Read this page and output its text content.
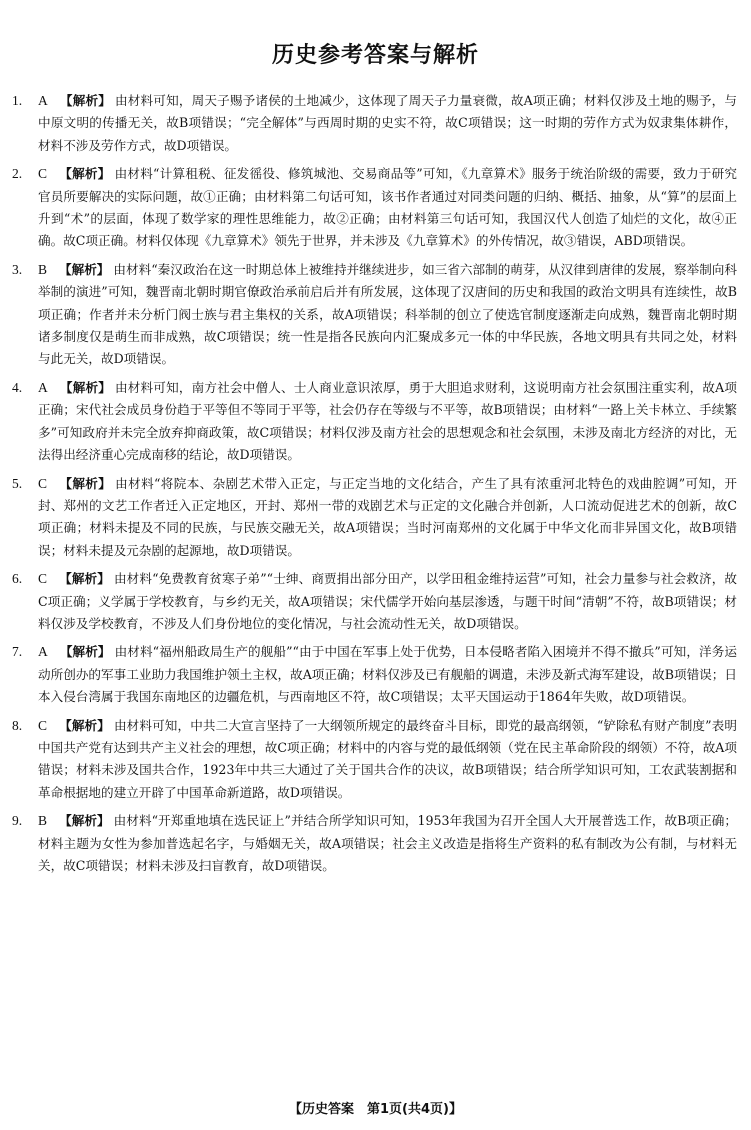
历史参考答案与解析
1. A 【解析】 由材料可知，周天子赐予诸侯的土地减少，这体现了周天子力量衰微，故A项正确；材料仅涉及土地的赐予，与中原文明的传播无关，故B项错误；“完全解体”与西周时期的史实不符，故C项错误；这一时期的劳作方式为奴隶集体耕作，材料不涉及劳作方式，故D项错误。
2. C 【解析】 由材料“计算租税、征发徭役、修筑城池、交易商品等”可知，《九章算术》服务于统治阶级的需要，致力于研究官员所要解决的实际问题，故①正确；由材料第二句话可知，该书作者通过对同类问题的归纳、概括、抽象，从“算”的层面上升到“术”的层面，体现了数学家的理性思维能力，故②正确；由材料第三句话可知，我国汉代人创造了灿烂的文化，故④正确。故C项正确。材料仅体现《九章算术》领先于世界，并未涉及《九章算术》的外传情况，故③错误，ABD项错误。
3. B 【解析】 由材料“秦汉政治在这一时期总体上被维持并继续进步，如三省六部制的萌芽，从汉律到唐律的发展，察举制向科举制的演进”可知，魏晋南北朝时期官僚政治承前启后并有所发展，这体现了汉唐间的历史和我国的政治文明具有连续性，故B项正确；作者并未分析门阀士族与君主集权的关系，故A项错误；科举制的创立了使选官制度逐渐走向成熟，魏晋南北朝时期诸多制度仅是萌生而非成熟，故C项错误；统一性是指各民族向内汇聚成多元一体的中华民族，各地文明具有共同之处，材料与此无关，故D项错误。
4. A 【解析】 由材料可知，南方社会中僧人、士人商业意识浓厚，勇于大胆追求财利，这说明南方社会氛围注重实利，故A项正确；宋代社会成员身份趋于平等但不等同于平等，社会仍存在等级与不平等，故B项错误；由材料“一路上关卡林立、手续繁多”可知政府并未完全放弃抑商政策，故C项错误；材料仅涉及南方社会的思想观念和社会氛围，未涉及南北方经济的对比，无法得出经济重心完成南移的结论，故D项错误。
5. C 【解析】 由材料“将院本、杂剧艺术带入正定，与正定当地的文化结合，产生了具有浓重河北特色的戏曲腔调”可知，开封、郑州的文艺工作者迁入正定地区，开封、郑州一带的戏剧艺术与正定的文化融合并创新，人口流动促进艺术的创新，故C项正确；材料未提及不同的民族，与民族交融无关，故A项错误；当时河南郑州的文化属于中华文化而非异国文化，故B项错误；材料未提及元杂剧的起源地，故D项错误。
6. C 【解析】 由材料“免费教育贫寒子弟”“士绅、商贾捐出部分田产，以学田租金维持运营”可知，社会力量参与社会救济，故C项正确；义学属于学校教育，与乡约无关，故A项错误；宋代儒学开始向基层渗透，与题干时间“清朝”不符，故B项错误；材料仅涉及学校教育，不涉及人们身份地位的变化情况，与社会流动性无关，故D项错误。
7. A 【解析】 由材料“福州船政局生产的舰船”“由于中国在军事上处于优势，日本侵略者陷入困境并不得不撤兵”可知，洋务运动所创办的军事工业助力我国维护领土主权，故A项正确；材料仅涉及已有舰船的调遣，未涉及新式海军建设，故B项错误；日本入侵台湾属于我国东南地区的边疆危机，与西南地区不符，故C项错误；太平天国运动于1864年失败，故D项错误。
8. C 【解析】 由材料可知，中共二大宣言坚持了一大纲领所规定的最终奋斗目标，即党的最高纲领，“铲除私有财产制度”表明中国共产党有达到共产主义社会的理想，故C项正确；材料中的内容与党的最低纲领（党在民主革命阶段的纲领）不符，故A项错误；材料未涉及国共合作，1923年中共三大通过了关于国共合作的决议，故B项错误；结合所学知识可知，工农武装割据和革命根据地的建立开辟了中国革命新道路，故D项错误。
9. B 【解析】 由材料“开郑重地填在选民证上”并结合所学知识可知，1953年我国为召开全国人大开展普选工作，故B项正确；材料主题为女性为参加普选起名字，与婚姻无关，故A项错误；社会主义改造是指将生产资料的私有制改为公有制，与材料无关，故C项错误；材料未涉及扫盲教育，故D项错误。
【历史答案　第1页(共4页)】
